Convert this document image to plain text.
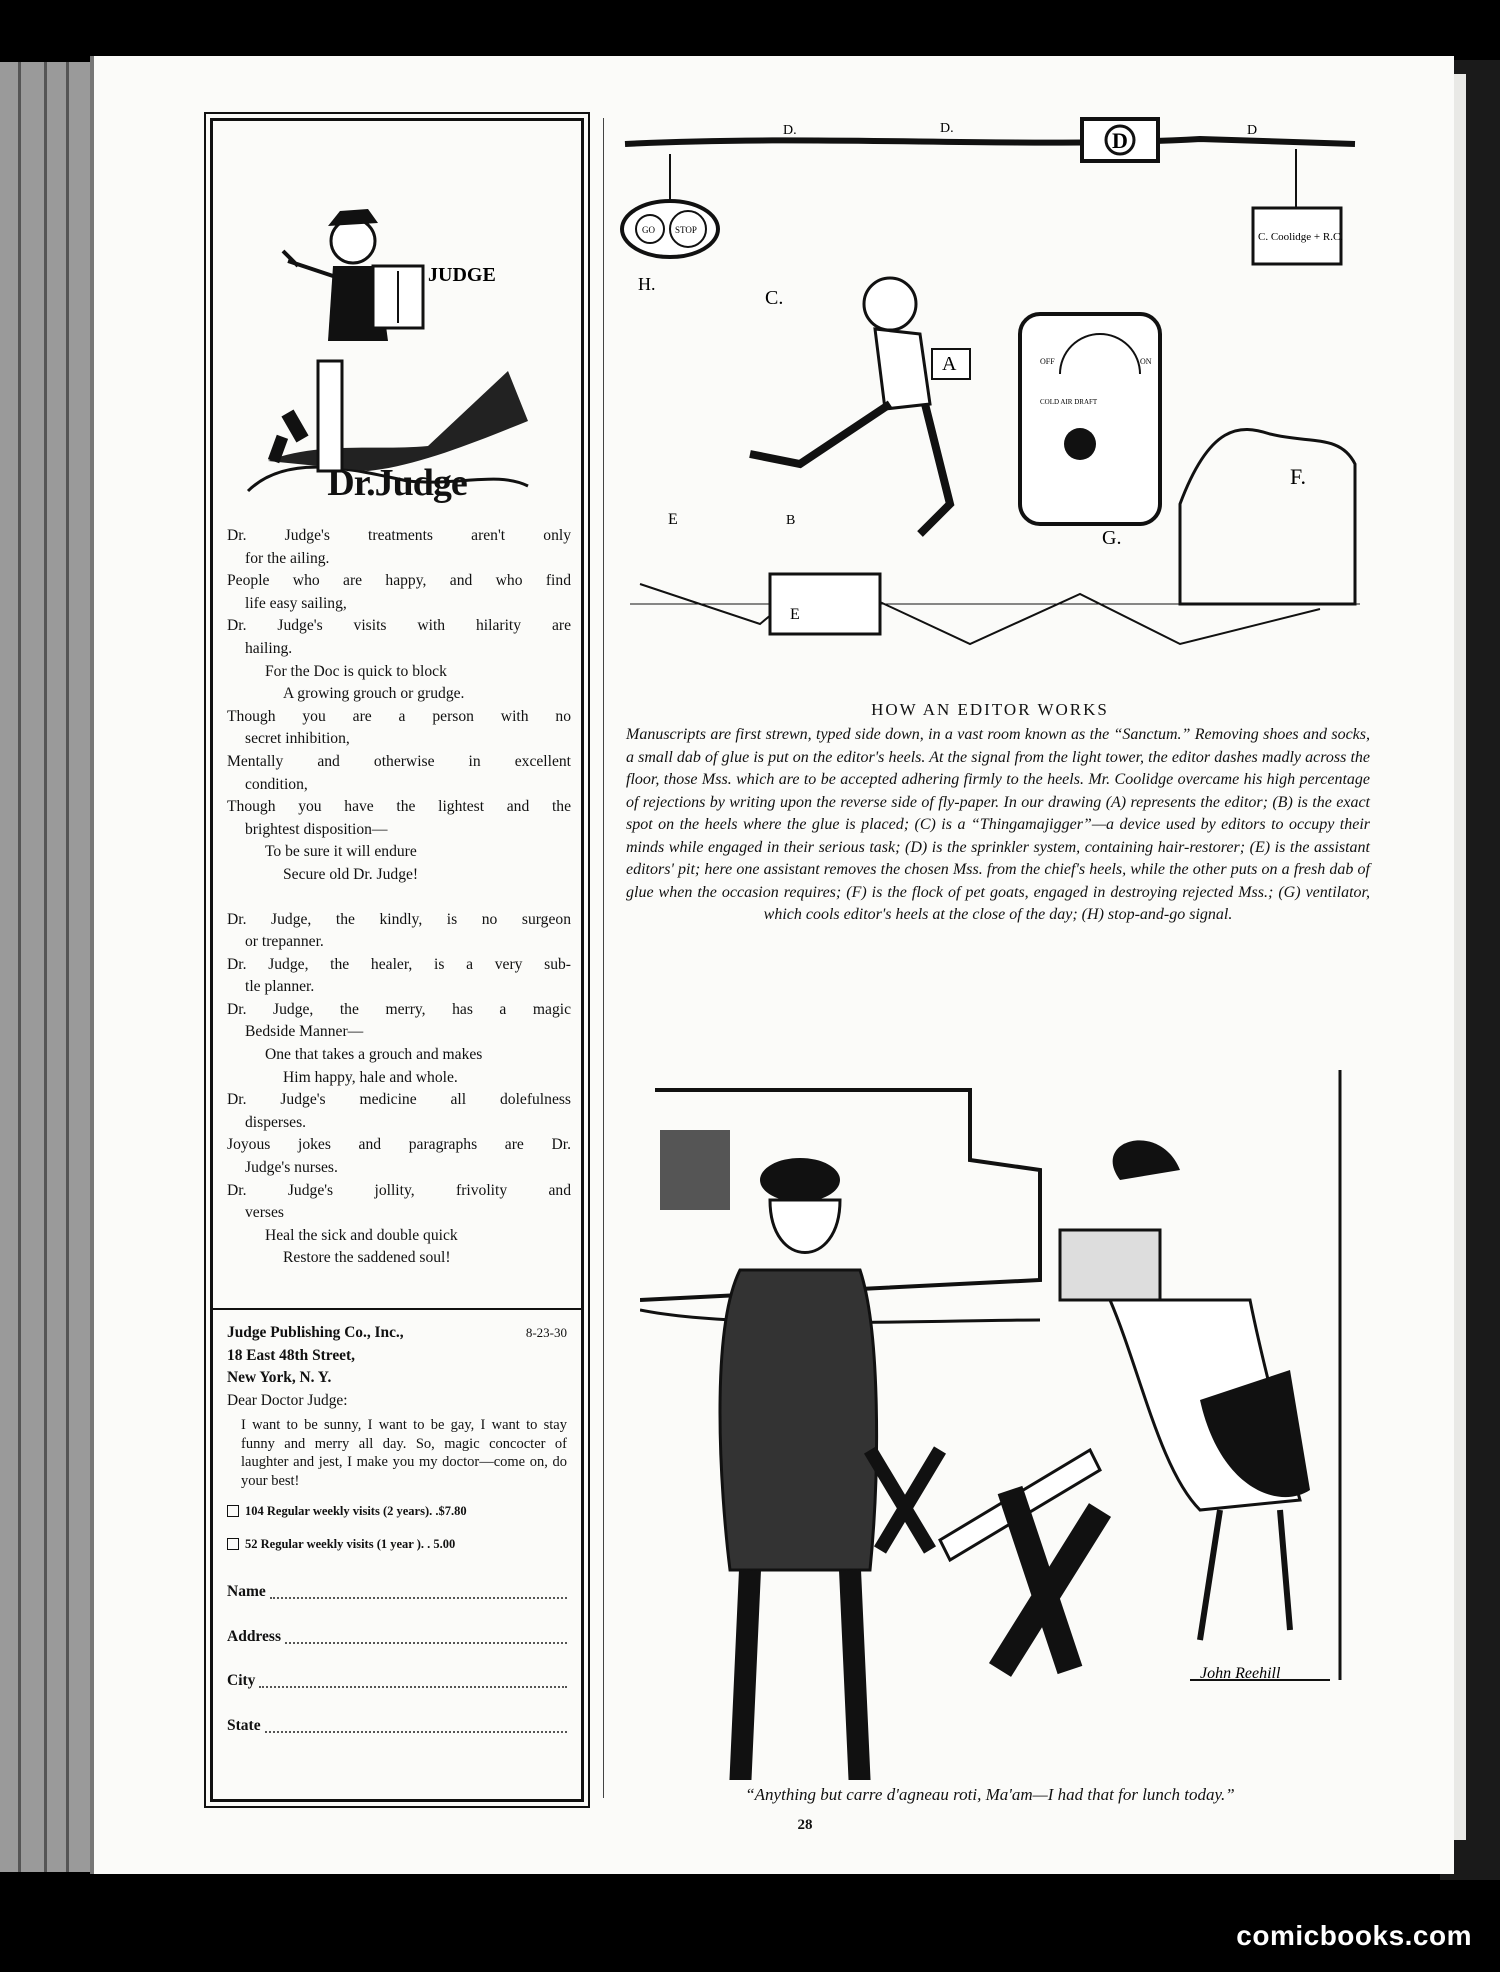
JUDGE
Dr.Judge
Dr. Judge's treatments aren't only
for the ailing.
People who are happy, and who find
life easy sailing,
Dr. Judge's visits with hilarity are
hailing.
For the Doc is quick to block
A growing grouch or grudge.
Though you are a person with no
secret inhibition,
Mentally and otherwise in excellent
condition,
Though you have the lightest and the
brightest disposition—
To be sure it will endure
Secure old Dr. Judge!
Dr. Judge, the kindly, is no surgeon
or trepanner.
Dr. Judge, the healer, is a very sub-
tle planner.
Dr. Judge, the merry, has a magic
Bedside Manner—
One that takes a grouch and makes
Him happy, hale and whole.
Dr. Judge's medicine all dolefulness
disperses.
Joyous jokes and paragraphs are Dr.
Judge's nurses.
Dr. Judge's jollity, frivolity and
verses
Heal the sick and double quick
Restore the saddened soul!
Judge Publishing Co., Inc.,
18 East 48th Street,
New York, N. Y.
8-23-30
Dear Doctor Judge:
I want to be sunny, I want to be gay, I want to stay funny and merry all day. So, magic concocter of laughter and jest, I make you my doctor—come on, do your best!
104 Regular weekly visits (2 years). .$7.80
52 Regular weekly visits (1 year ). . 5.00
Name
Address
City
State
D
D.	D.	D
GO STOP
C. Coolidge + R.C.
OFF	ON
COLD AIR DRAFT
H.
C.
A
B
E
E
F.
G.
HOW AN EDITOR WORKS
Manuscripts are first strewn, typed side down, in a vast room known as the “Sanctum.” Removing shoes and socks, a small dab of glue is put on the editor's heels. At the signal from the light tower, the editor dashes madly across the floor, those Mss. which are to be accepted adhering firmly to the heels. Mr. Coolidge overcame his high percentage of rejections by writing upon the reverse side of fly-paper. In our drawing (A) represents the editor; (B) is the exact spot on the heels where the glue is placed; (C) is a “Thingamajigger”—a device used by editors to occupy their minds while engaged in their serious task; (D) is the sprinkler system, containing hair-restorer; (E) is the assistant editors' pit; here one assistant removes the chosen Mss. from the chief's heels, while the other puts on a fresh dab of glue when the occasion requires; (F) is the flock of pet goats, engaged in destroying rejected Mss.; (G) ventilator, which cools editor's heels at the close of the day; (H) stop-and-go signal.
John Reehill
“Anything but carre d'agneau roti, Ma'am—I had that for lunch today.”
28
comicbooks.com
